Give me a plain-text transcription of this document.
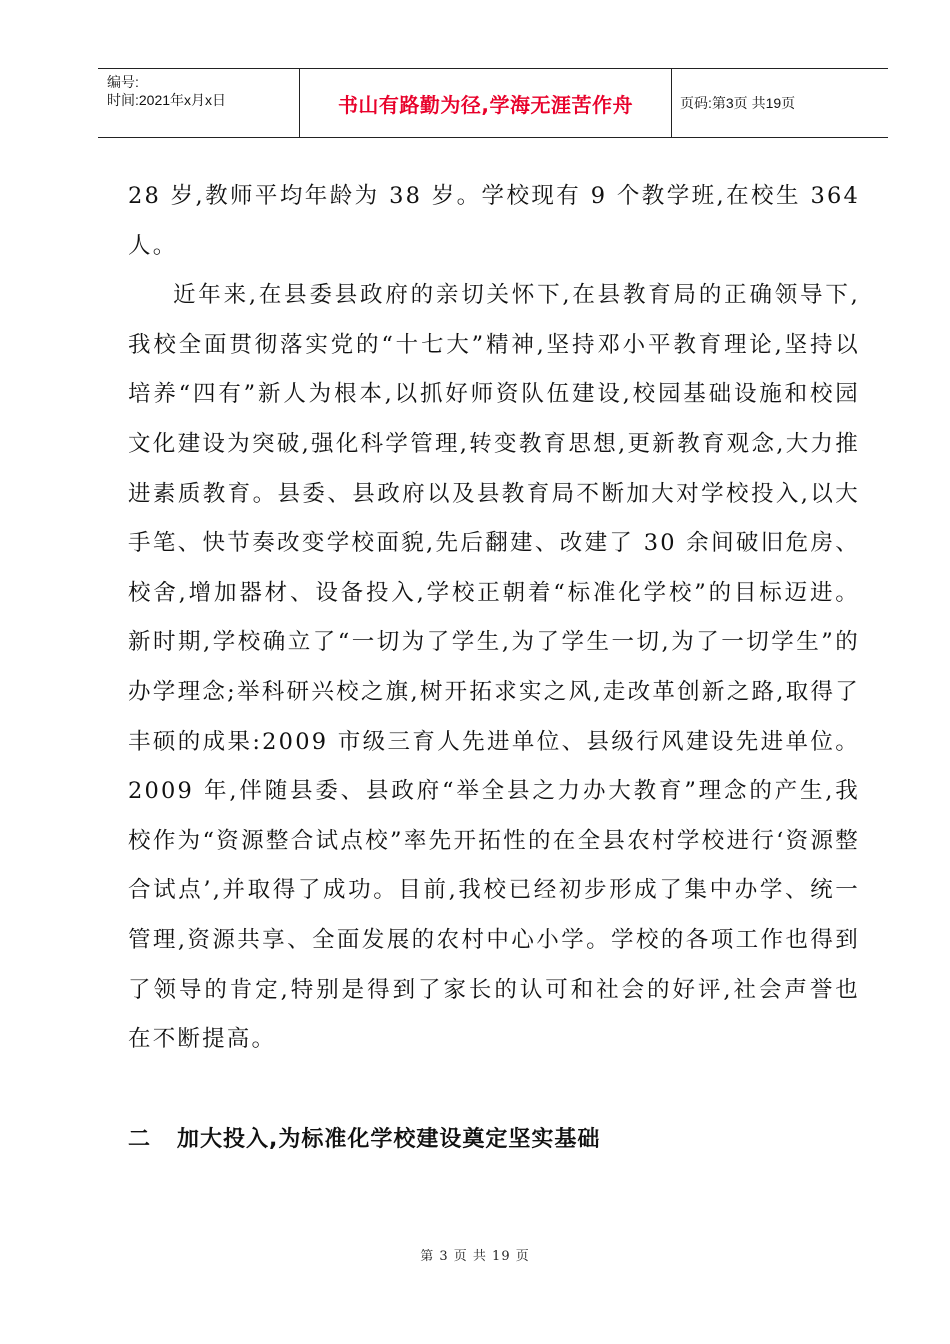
编号:
时间:2021年x月x日	书山有路勤为径,学海无涯苦作舟	页码:第3页 共19页

28 岁,教师平均年龄为 38 岁。学校现有 9 个教学班,在校生 364 人。

近年来,在县委县政府的亲切关怀下,在县教育局的正确领导下,我校全面贯彻落实党的“十七大”精神,坚持邓小平教育理论,坚持以培养“四有”新人为根本,以抓好师资队伍建设,校园基础设施和校园文化建设为突破,强化科学管理,转变教育思想,更新教育观念,大力推进素质教育。县委、县政府以及县教育局不断加大对学校投入,以大手笔、快节奏改变学校面貌,先后翻建、改建了 30 余间破旧危房、校舍,增加器材、设备投入,学校正朝着“标准化学校”的目标迈进。新时期,学校确立了“一切为了学生,为了学生一切,为了一切学生”的办学理念;举科研兴校之旗,树开拓求实之风,走改革创新之路,取得了丰硕的成果:2009 市级三育人先进单位、县级行风建设先进单位。2009 年,伴随县委、县政府“举全县之力办大教育”理念的产生,我校作为“资源整合试点校”率先开拓性的在全县农村学校进行‘资源整合试点’,并取得了成功。目前,我校已经初步形成了集中办学、统一管理,资源共享、全面发展的农村中心小学。学校的各项工作也得到了领导的肯定,特别是得到了家长的认可和社会的好评,社会声誉也在不断提高。

二   加大投入,为标准化学校建设奠定坚实基础
第 3 页 共 19 页
